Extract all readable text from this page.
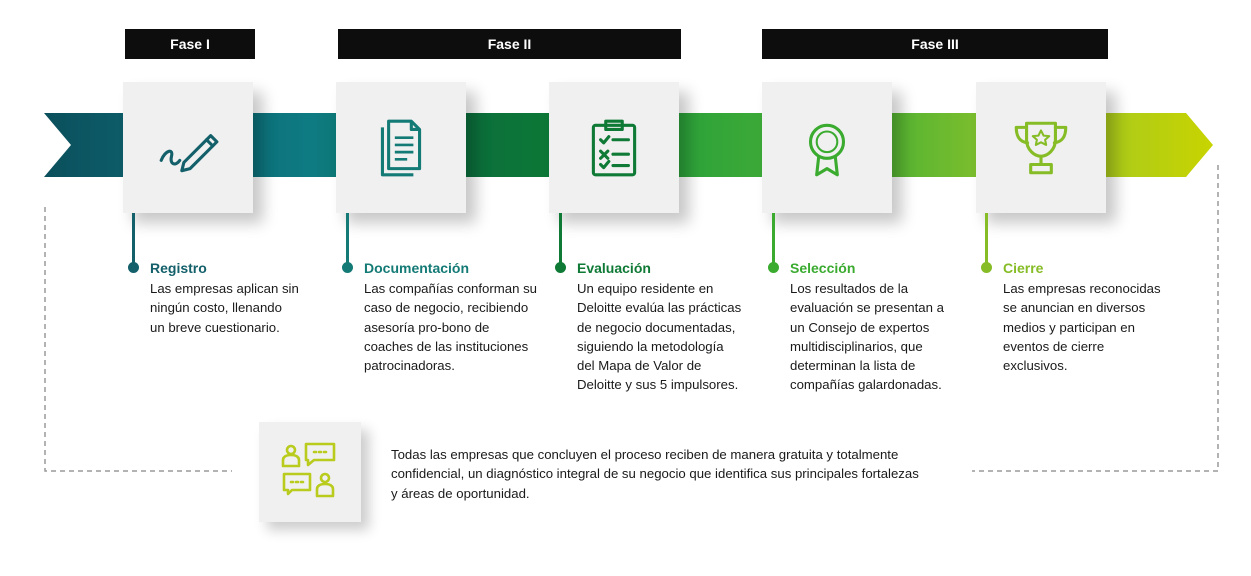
Fase I	Fase II	Fase III
Registro	Documentación	Evaluación	Selección	Cierre
Las empresas aplican sin
ningún costo, llenando
un breve cuestionario.
Las compañías conforman su
caso de negocio, recibiendo
asesoría pro-bono de
coaches de las instituciones
patrocinadoras.
Un equipo residente en
Deloitte evalúa las prácticas
de negocio documentadas,
siguiendo la metodología
del Mapa de Valor de
Deloitte y sus 5 impulsores.
Los resultados de la
evaluación se presentan a
un Consejo de expertos
multidisciplinarios, que
determinan la lista de
compañías galardonadas.
Las empresas reconocidas
se anuncian en diversos
medios y participan en
eventos de cierre
exclusivos.
Todas las empresas que concluyen el proceso reciben de manera gratuita y totalmente
confidencial, un diagnóstico integral de su negocio que identifica sus principales fortalezas
y áreas de oportunidad.
